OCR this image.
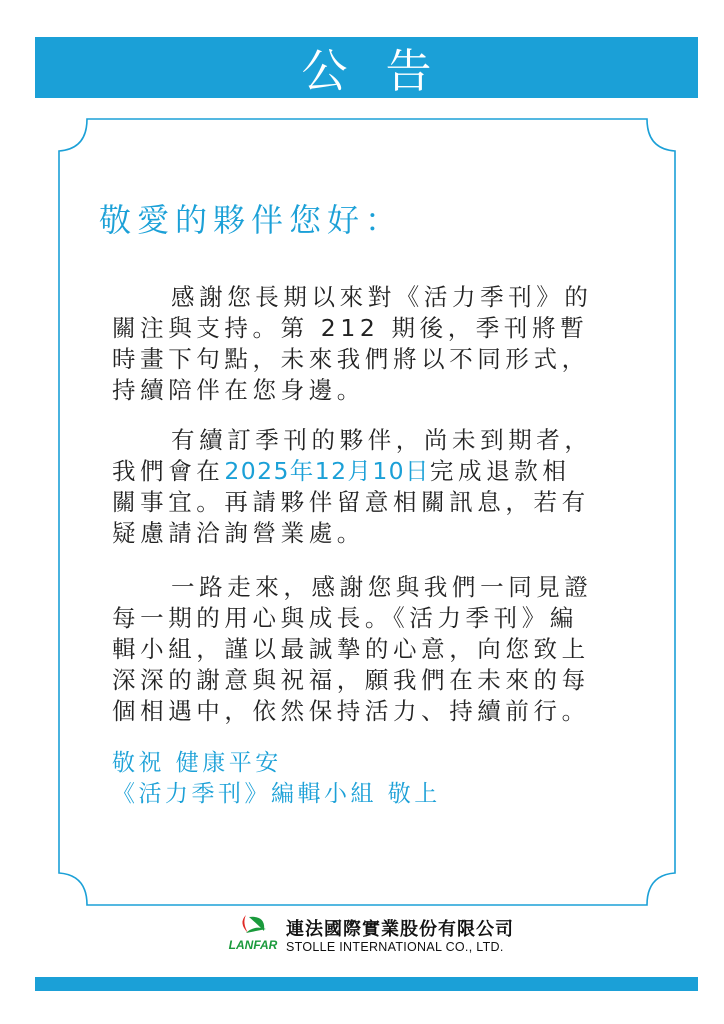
公告
敬愛的夥伴您好：
感謝您長期以來對《活力季刊》的
關注與支持。第 212 期後，季刊將暫
時畫下句點，未來我們將以不同形式，
持續陪伴在您身邊。
有續訂季刊的夥伴，尚未到期者，
我們會在2025年12月10日完成退款相
關事宜。再請夥伴留意相關訊息，若有
疑慮請洽詢營業處。
一路走來，感謝您與我們一同見證
每一期的用心與成長。《活力季刊》編
輯小組，謹以最誠摯的心意，向您致上
深深的謝意與祝福，願我們在未來的每
個相遇中，依然保持活力、持續前行。
敬祝 健康平安
《活力季刊》編輯小組 敬上
LANFAR
連法國際實業股份有限公司
STOLLE INTERNATIONAL CO., LTD.
